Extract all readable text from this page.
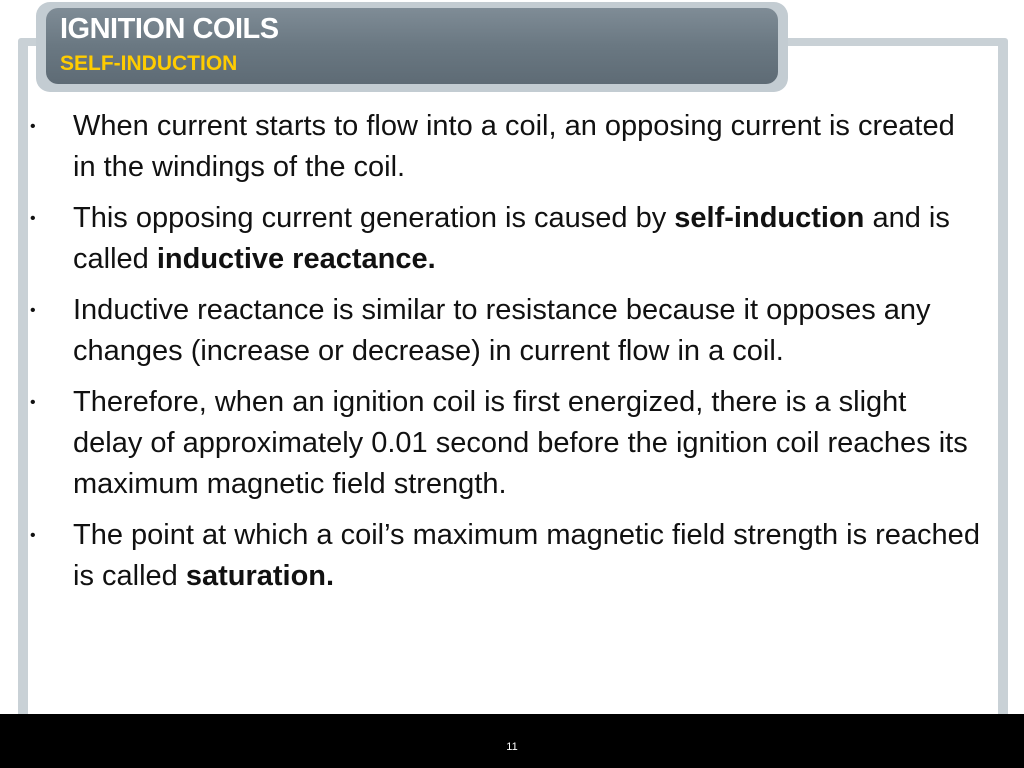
IGNITION COILS
SELF-INDUCTION
• When current starts to flow into a coil, an opposing current is created in the windings of the coil.
• This opposing current generation is caused by self-induction and is called inductive reactance.
• Inductive reactance is similar to resistance because it opposes any changes (increase or decrease) in current flow in a coil.
• Therefore, when an ignition coil is first energized, there is a slight delay of approximately 0.01 second before the ignition coil reaches its maximum magnetic field strength.
• The point at which a coil’s maximum magnetic field strength is reached is called saturation.
11
